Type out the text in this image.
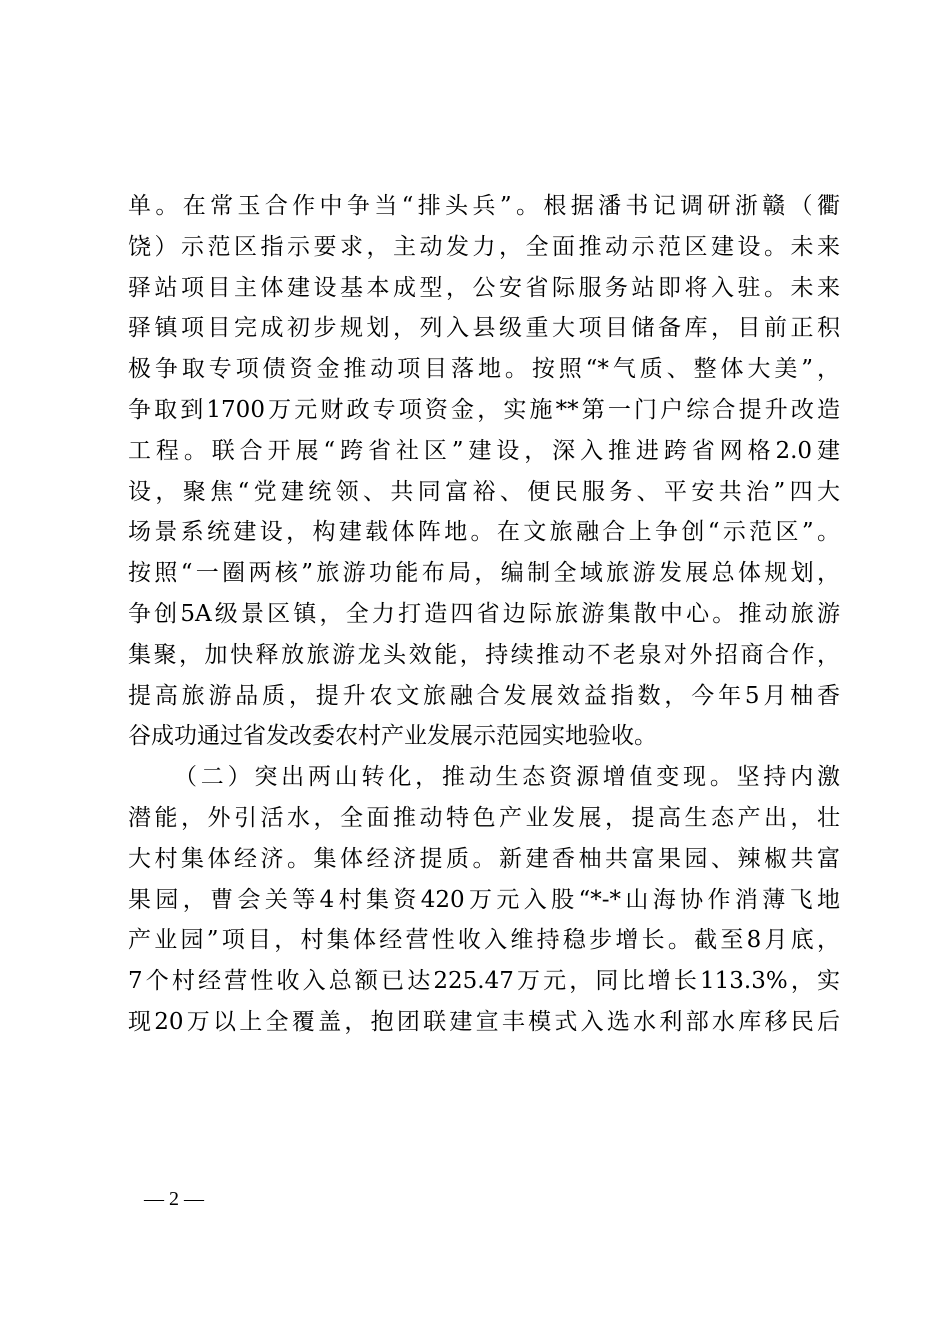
单。在常玉合作中争当“排头兵”。根据潘书记调研浙赣（衢
饶）示范区指示要求，主动发力，全面推动示范区建设。未来
驿站项目主体建设基本成型，公安省际服务站即将入驻。未来
驿镇项目完成初步规划，列入县级重大项目储备库，目前正积
极争取专项债资金推动项目落地。按照“*气质、整体大美”，
争取到1700万元财政专项资金，实施**第一门户综合提升改造
工程。联合开展“跨省社区”建设，深入推进跨省网格2.0建
设，聚焦“党建统领、共同富裕、便民服务、平安共治”四大
场景系统建设，构建载体阵地。在文旅融合上争创“示范区”。
按照“一圈两核”旅游功能布局，编制全域旅游发展总体规划，
争创5A级景区镇，全力打造四省边际旅游集散中心。推动旅游
集聚，加快释放旅游龙头效能，持续推动不老泉对外招商合作，
提高旅游品质，提升农文旅融合发展效益指数，今年5月柚香
谷成功通过省发改委农村产业发展示范园实地验收。
（二）突出两山转化，推动生态资源增值变现。坚持内激
潜能，外引活水，全面推动特色产业发展，提高生态产出，壮
大村集体经济。集体经济提质。新建香柚共富果园、辣椒共富
果园，曹会关等4村集资420万元入股“*-*山海协作消薄飞地
产业园”项目，村集体经营性收入维持稳步增长。截至8月底，
7个村经营性收入总额已达225.47万元，同比增长113.3%，实
现20万以上全覆盖，抱团联建宣丰模式入选水利部水库移民后
— 2 —
